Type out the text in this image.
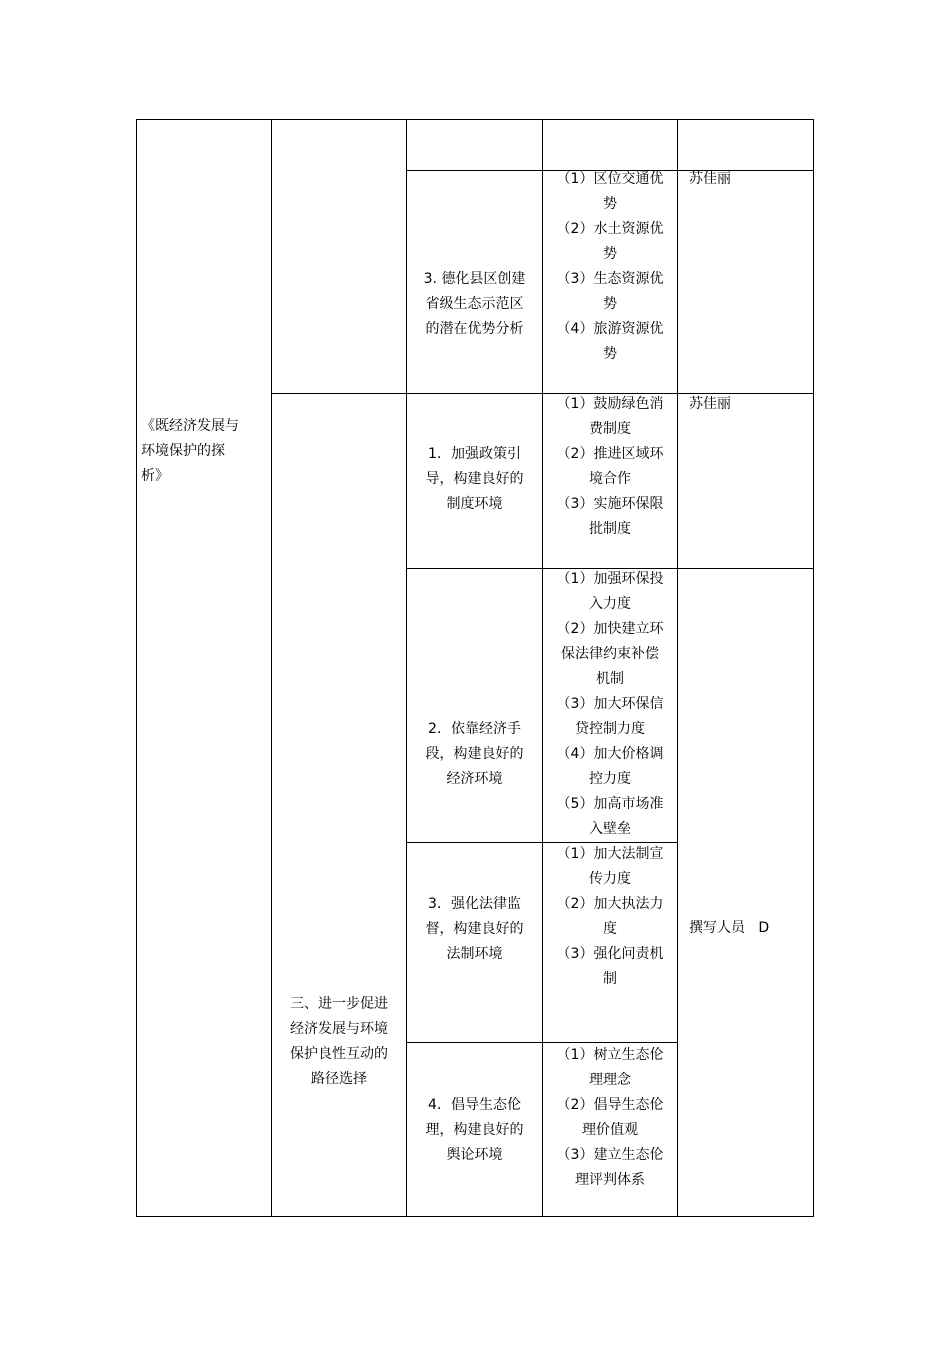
《既经济发展与
环境保护的探
析》
三、进一步促进
经济发展与环境
保护良性互动的
路径选择
3. 德化县区创建
省级生态示范区
的潜在优势分析
（1）区位交通优
势
（2）水土资源优
势
（3）生态资源优
势
（4）旅游资源优
势
苏佳丽
1．加强政策引
导，构建良好的
制度环境
（1）鼓励绿色消
费制度
（2）推进区域环
境合作
（3）实施环保限
批制度
苏佳丽
2．依靠经济手
段，构建良好的
经济环境
（1）加强环保投
入力度
（2）加快建立环
保法律约束补偿
机制
（3）加大环保信
贷控制力度
（4）加大价格调
控力度
（5）加高市场准
入壁垒
3．强化法律监
督，构建良好的
法制环境
（1）加大法制宣
传力度
（2）加大执法力
度
（3）强化问责机
制
4．倡导生态伦
理，构建良好的
舆论环境
（1）树立生态伦
理理念
（2）倡导生态伦
理价值观
（3）建立生态伦
理评判体系
撰写人员   D
